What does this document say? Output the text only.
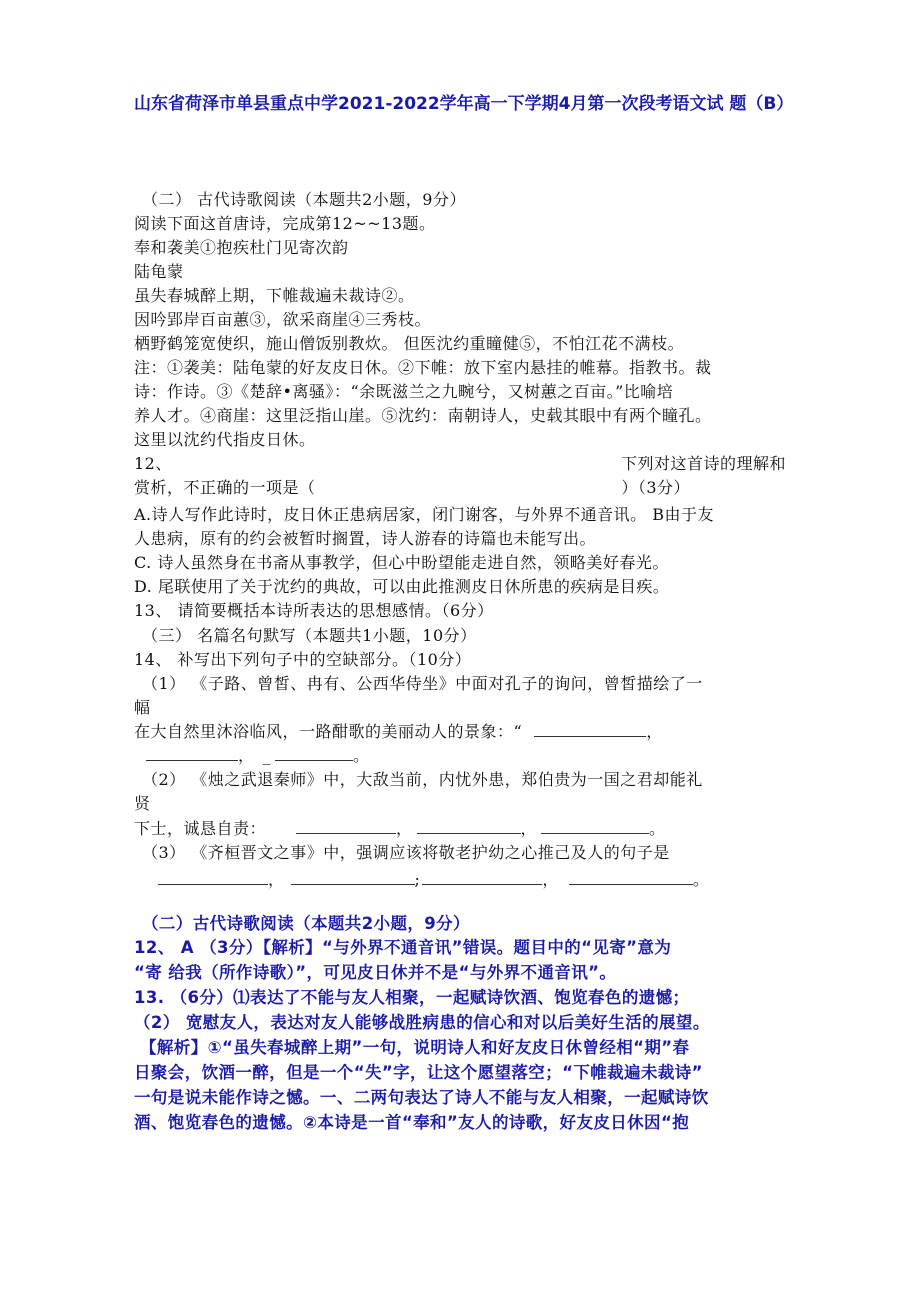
山东省荷泽市单县重点中学2021-2022学年高一下学期4月第一次段考语文试 题（B）
（二） 古代诗歌阅读（本题共2小题，9分）
阅读下面这首唐诗，完成第12~~13题。
奉和袭美①抱疾杜门见寄次韵
陆龟蒙
虽失春城醉上期，下帷裁遍未裁诗②。
因吟郢岸百亩蕙③，欲采商崖④三秀枝。
栖野鹤笼宽使织，施山僧饭别教炊。 但医沈约重瞳健⑤，不怕江花不满枝。
注：①袭美：陆龟蒙的好友皮日休。②下帷：放下室内悬挂的帷幕。指教书。裁
诗：作诗。③《楚辞•离骚》：“余既滋兰之九畹兮，又树蕙之百亩。”比喻培
养人才。④商崖：这里泛指山崖。⑤沈约：南朝诗人，史载其眼中有两个瞳孔。
这里以沈约代指皮日休。
12、	下列对这首诗的理解和
赏析，不正确的一项是（	）（3分）
A.诗人写作此诗时，皮日休正患病居家，闭门谢客，与外界不通音讯。 B由于友
人患病，原有的约会被暂时搁置，诗人游春的诗篇也未能写出。
C. 诗人虽然身在书斋从事教学，但心中盼望能走进自然，领略美好春光。
D. 尾联使用了关于沈约的典故，可以由此推测皮日休所患的疾病是目疾。
13、 请简要概括本诗所表达的思想感情。（6分）
（三） 名篇名句默写（本题共1小题，10分）
14、 补写出下列句子中的空缺部分。（10分）
（1） 《子路、曾皙、冉有、公西华侍坐》中面对孔子的询问，曾皙描绘了一
幅
在大自然里沐浴临风，一路酣歌的美丽动人的景象：“	，
， _	。
（2） 《烛之武退秦师》中，大敌当前，内忧外患，郑伯贵为一国之君却能礼
贤
下士，诚恳自责：	，	，	。
（3） 《齐桓晋文之事》中，强调应该将敬老护幼之心推己及人的句子是
，	;	，	。
（二）古代诗歌阅读（本题共2小题，9分）
12、 A （3分）【解析】“与外界不通音讯”错误。题目中的“见寄”意为
“寄 给我（所作诗歌）”，可见皮日休并不是“与外界不通音讯”。
13. （6分）⑴表达了不能与友人相聚，一起赋诗饮酒、饱览春色的遗憾；
（2） 宽慰友人，表达对友人能够战胜病患的信心和对以后美好生活的展望。
【解析】①“虽失春城醉上期”一句，说明诗人和好友皮日休曾经相“期”春
日聚会，饮酒一醉，但是一个“失”字，让这个愿望落空；“下帷裁遍未裁诗”
一句是说未能作诗之憾。一、二两句表达了诗人不能与友人相聚，一起赋诗饮
酒、饱览春色的遗憾。②本诗是一首“奉和”友人的诗歌，好友皮日休因“抱
